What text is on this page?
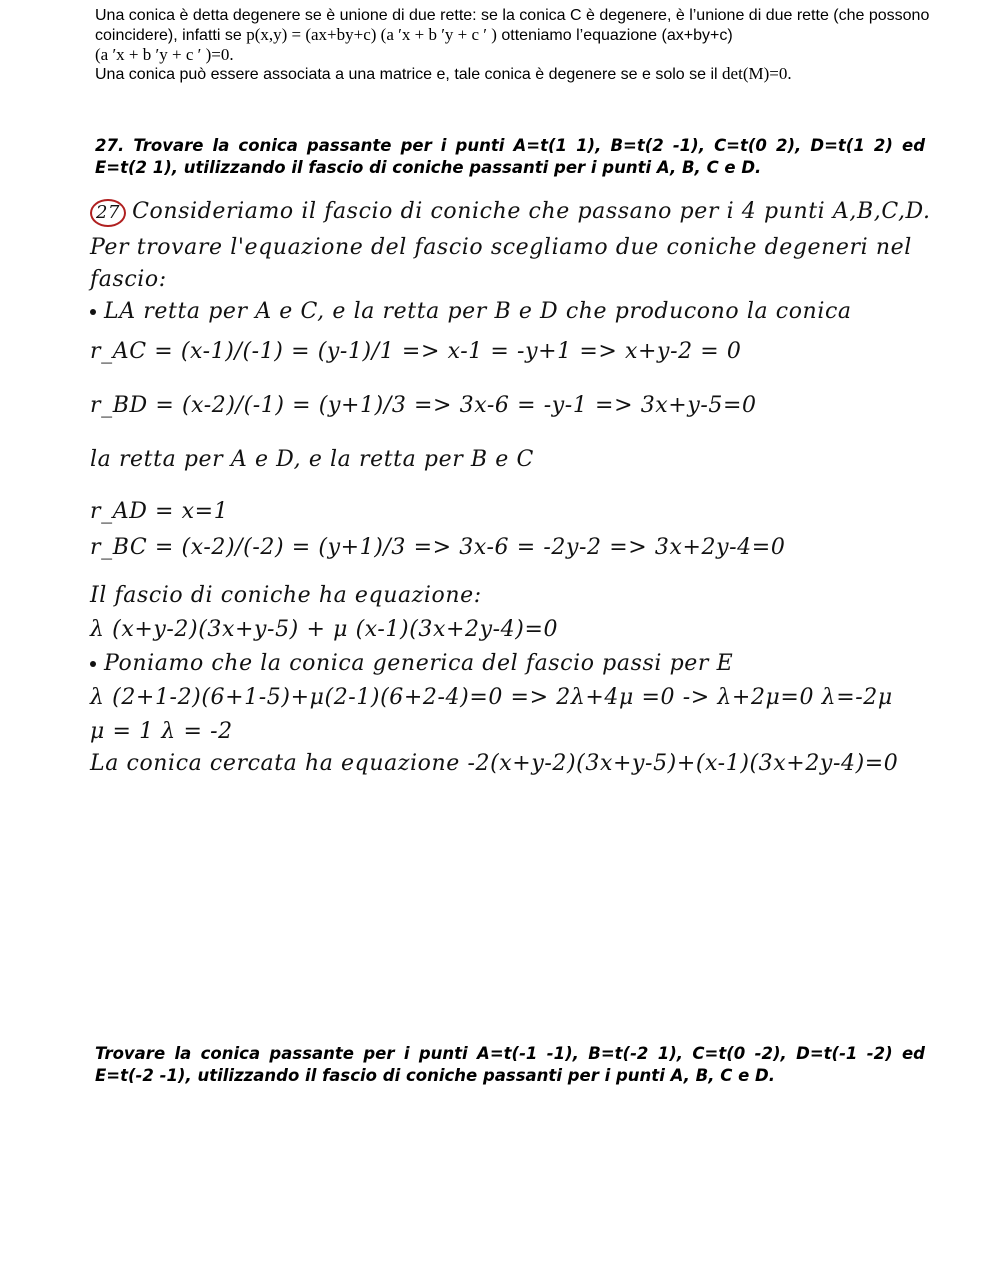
Una conica è detta degenere se è unione di due rette: se la conica C è degenere, è l’unione di due rette (che possono coincidere), infatti se p(x,y) = (ax+by+c) (a ′x + b ′y + c ′ ) otteniamo l’equazione (ax+by+c)

(a ′x + b ′y + c ′ )=0.

Una conica può essere associata a una matrice e, tale conica è degenere se e solo se il det(M)=0.

27. Trovare la conica passante per i punti A=t(1 1), B=t(2 -1), C=t(0 2), D=t(1 2) ed E=t(2 1), utilizzando il fascio di coniche passanti per i punti A, B, C e D.
27 Consideriamo il fascio di coniche che passano per i 4 punti A,B,C,D.
Per trovare l'equazione del fascio scegliamo due coniche degeneri nel
fascio:
LA retta per A e C, e la retta per B e D che producono la conica
r_AC = (x-1)/(-1) = (y-1)/1 => x-1 = -y+1 => x+y-2 = 0
r_BD = (x-2)/(-1) = (y+1)/3 => 3x-6 = -y-1 => 3x+y-5=0
la retta per A e D, e la retta per B e C
r_AD = x=1
r_BC = (x-2)/(-2) = (y+1)/3 => 3x-6 = -2y-2 => 3x+2y-4=0
Il fascio di coniche ha equazione:
λ (x+y-2)(3x+y-5) + μ (x-1)(3x+2y-4)=0
Poniamo che la conica generica del fascio passi per E
λ (2+1-2)(6+1-5)+μ(2-1)(6+2-4)=0 => 2λ+4μ =0 -> λ+2μ=0 λ=-2μ
μ = 1 λ = -2
La conica cercata ha equazione -2(x+y-2)(3x+y-5)+(x-1)(3x+2y-4)=0
Trovare la conica passante per i punti A=t(-1 -1), B=t(-2 1), C=t(0 -2), D=t(-1 -2) ed E=t(-2 -1), utilizzando il fascio di coniche passanti per i punti A, B, C e D.
